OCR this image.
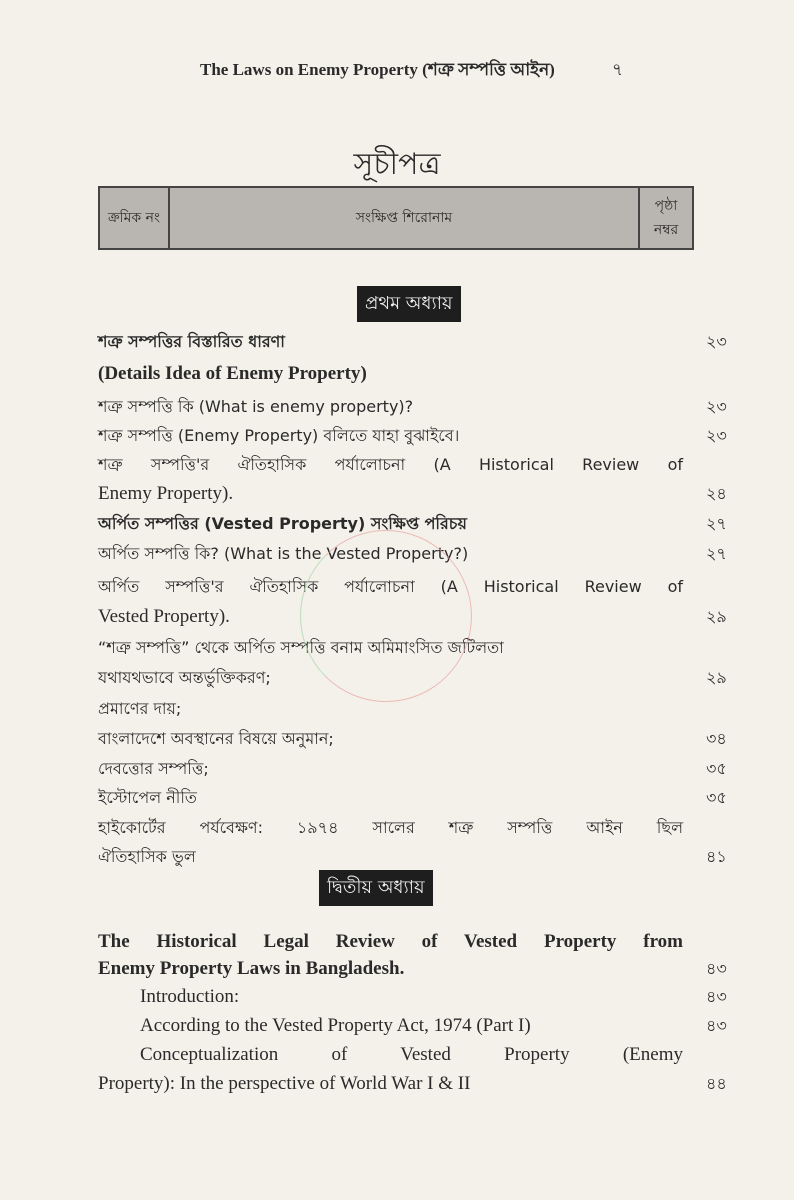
The Laws on Enemy Property (শত্রু সম্পত্তি আইন)	৭
সূচীপত্র
ক্রমিক নং	সংক্ষিপ্ত শিরোনাম	পৃষ্ঠা নম্বর
প্রথম অধ্যায়
শত্রু সম্পত্তির বিস্তারিত ধারণা	২৩
(Details Idea of Enemy Property)
শত্রু সম্পত্তি কি (What is enemy property)?	২৩
শত্রু সম্পত্তি (Enemy Property) বলিতে যাহা বুঝাইবে।	২৩
শত্রু সম্পত্তি'র ঐতিহাসিক পর্যালোচনা (A Historical Review of
Enemy Property).	২৪
অর্পিত সম্পত্তির (Vested Property) সংক্ষিপ্ত পরিচয়	২৭
অর্পিত সম্পত্তি কি? (What is the Vested Property?)	২৭
অর্পিত সম্পত্তি'র ঐতিহাসিক পর্যালোচনা (A Historical Review of
Vested Property).	২৯
“শত্রু সম্পত্তি” থেকে অর্পিত সম্পত্তি বনাম অমিমাংসিত জটিলতা
যথাযথভাবে অন্তর্ভুক্তিকরণ;	২৯
প্রমাণের দায়;
বাংলাদেশে অবস্থানের বিষয়ে অনুমান;	৩৪
দেবত্তোর সম্পত্তি;	৩৫
ইস্টোপেল নীতি	৩৫
হাইকোর্টের পর্যবেক্ষণ: ১৯৭৪ সালের শত্রু সম্পত্তি আইন ছিল
ঐতিহাসিক ভুল	৪১
দ্বিতীয় অধ্যায়
The Historical Legal Review of Vested Property from
Enemy Property Laws in Bangladesh.	৪৩
Introduction:	৪৩
According to the Vested Property Act, 1974 (Part I)	৪৩
Conceptualization of Vested Property (Enemy
Property): In the perspective of World War I & II	৪৪
